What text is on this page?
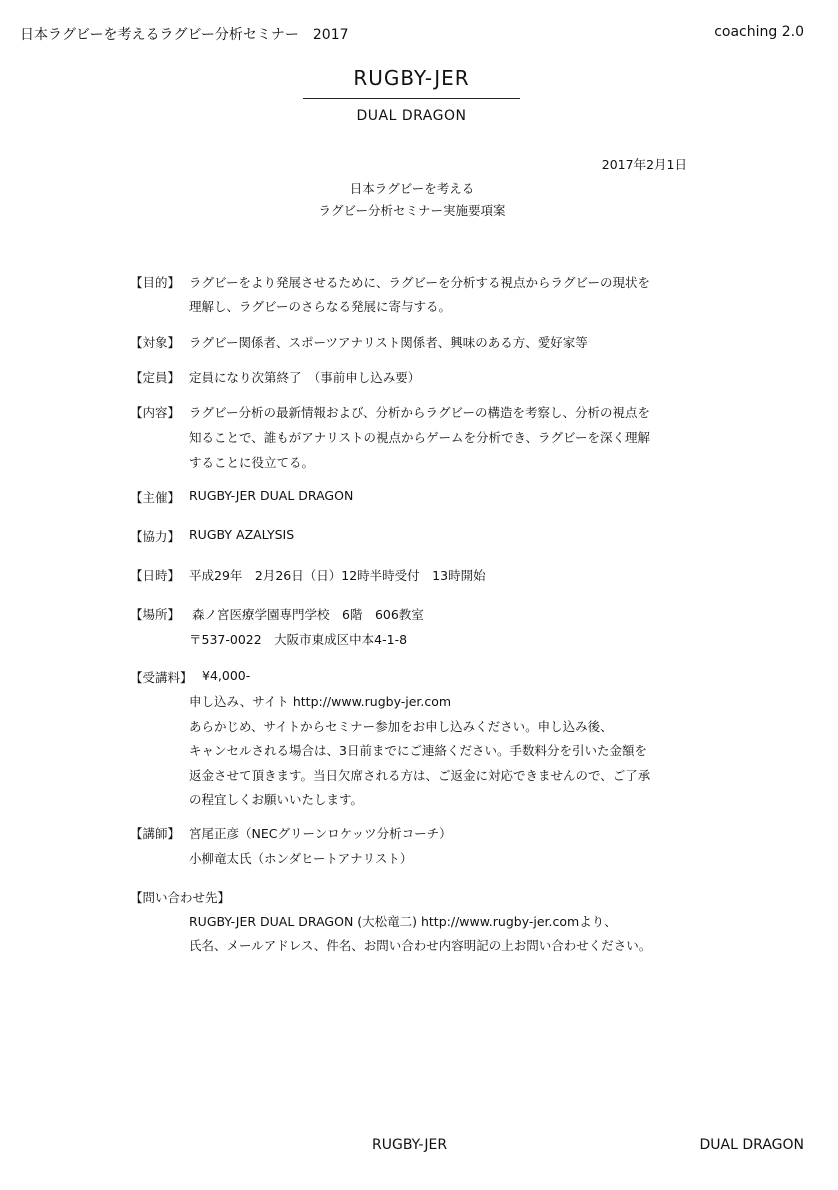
日本ラグビーを考えるラグビー分析セミナー　2017	coaching 2.0
RUGBY-JER
DUAL DRAGON
2017年2月1日
日本ラグビーを考える
ラグビー分析セミナー実施要項案
【目的】 ラグビーをより発展させるために、ラグビーを分析する視点からラグビーの現状を
理解し、ラグビーのさらなる発展に寄与する。
【対象】 ラグビー関係者、スポーツアナリスト関係者、興味のある方、愛好家等
【定員】 定員になり次第終了　（事前申し込み要）
【内容】 ラグビー分析の最新情報および、分析からラグビーの構造を考察し、分析の視点を
知ることで、誰もがアナリストの視点からゲームを分析でき、ラグビーを深く理解
することに役立てる。
【主催】 RUGBY-JER DUAL DRAGON
【協力】 RUGBY AZALYSIS
【日時】 平成29年　2月26日（日）12時半時受付　13時開始
【場所】 森ノ宮医療学園専門学校　6階　606教室
〒537-0022　大阪市東成区中本4-1-8
【受講料】 ¥4,000-
申し込み、サイト http://www.rugby-jer.com
あらかじめ、サイトからセミナー参加をお申し込みください。申し込み後、
キャンセルされる場合は、3日前までにご連絡ください。手数料分を引いた金額を
返金させて頂きます。当日欠席される方は、ご返金に対応できませんので、ご了承
の程宜しくお願いいたします。
【講師】 宮尾正彦（NECグリーンロケッツ分析コーチ）
小柳竜太氏（ホンダヒートアナリスト）
【問い合わせ先】
RUGBY-JER DUAL DRAGON (大松竜二) http://www.rugby-jer.comより、
氏名、メールアドレス、件名、お問い合わせ内容明記の上お問い合わせください。
RUGBY-JER	DUAL DRAGON
